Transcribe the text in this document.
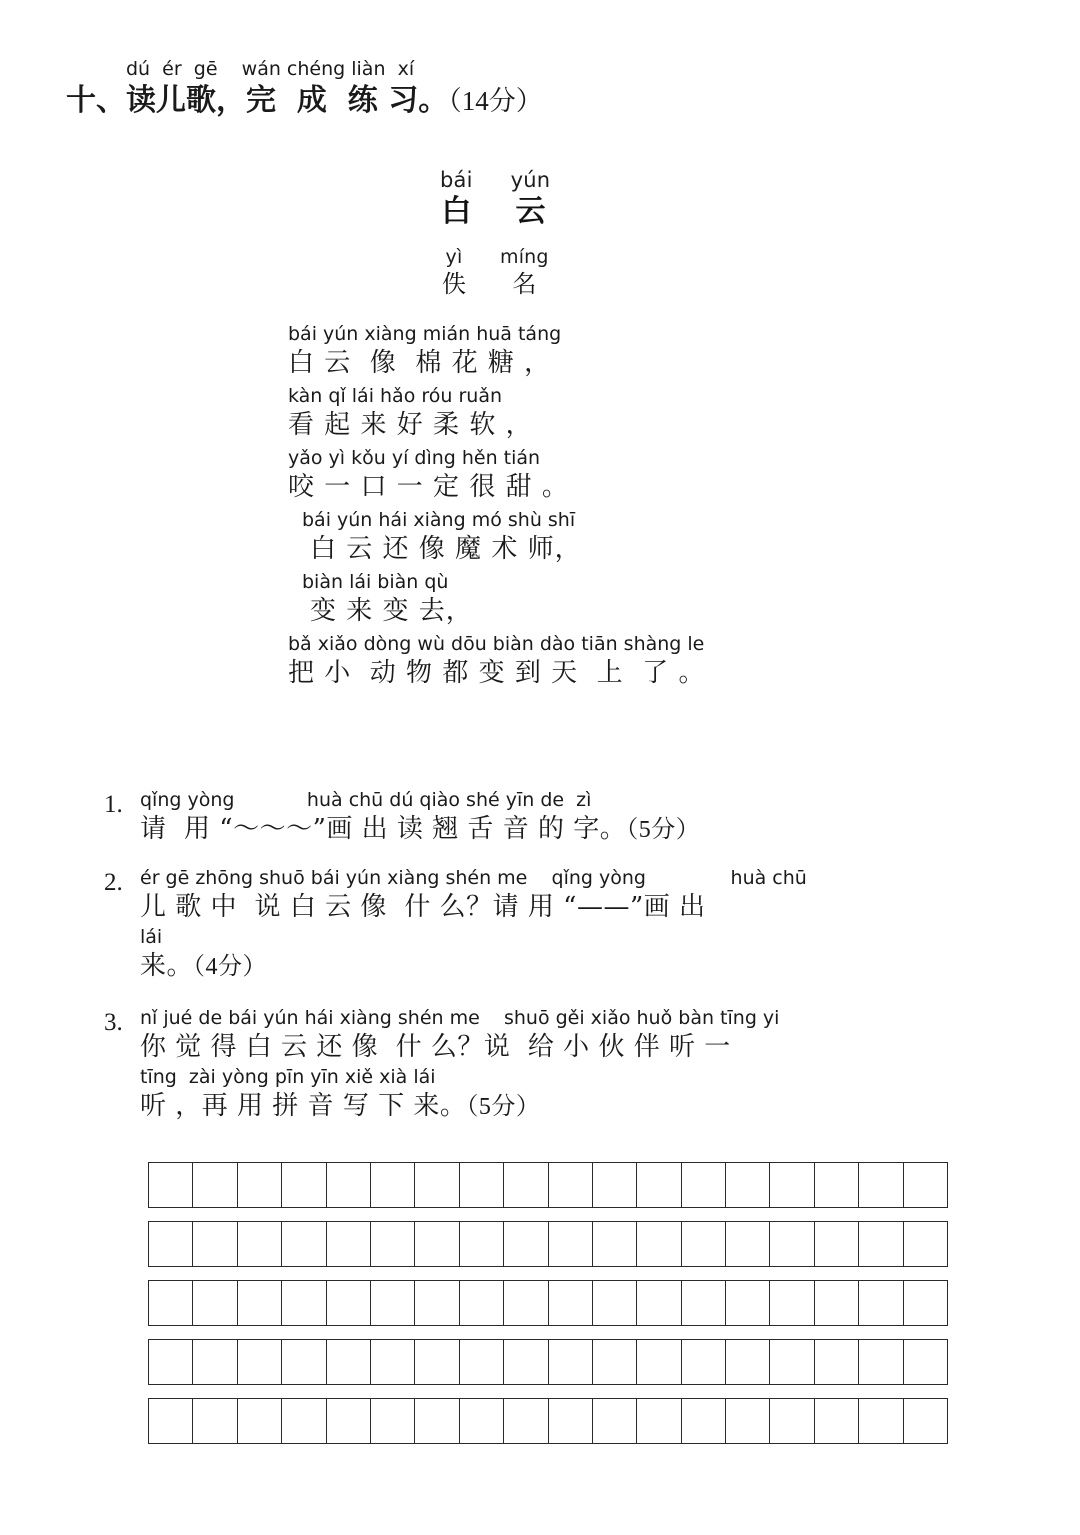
dú  ér  gē    wán chéng liàn  xí
十、读儿歌，完  成  练 习。（14分）
bái
白
yún
云
yì
佚
míng
名
bái yún xiàng mián huā táng
白 云  像  棉 花 糖 ，
kàn qǐ lái hǎo róu ruǎn
看 起 来 好 柔 软 ，
yǎo yì kǒu yí dìng hěn tián
咬 一 口 一 定 很 甜 。
bái yún hái xiàng mó shù shī
白 云 还 像 魔 术 师，
biàn lái biàn qù
变 来 变 去，
bǎ xiǎo dòng wù dōu biàn dào tiān shàng le
把 小  动 物 都 变 到 天  上  了 。
1. qǐng yòng            huà chū dú qiào shé yīn de  zì
请  用 “〜〜〜”画 出 读 翘 舌 音 的 字。（5分）
2. ér gē zhōng shuō bái yún xiàng shén me    qǐng yòng              huà chū
儿 歌 中  说 白 云 像  什 么？请 用 “——”画 出
lái
来。（4分）
3. nǐ jué de bái yún hái xiàng shén me    shuō gěi xiǎo huǒ bàn tīng yi
你 觉 得 白 云 还 像  什 么？说  给 小 伙 伴 听 一
tīng  zài yòng pīn yīn xiě xià lái
听 ，再 用 拼 音 写 下 来。（5分）
